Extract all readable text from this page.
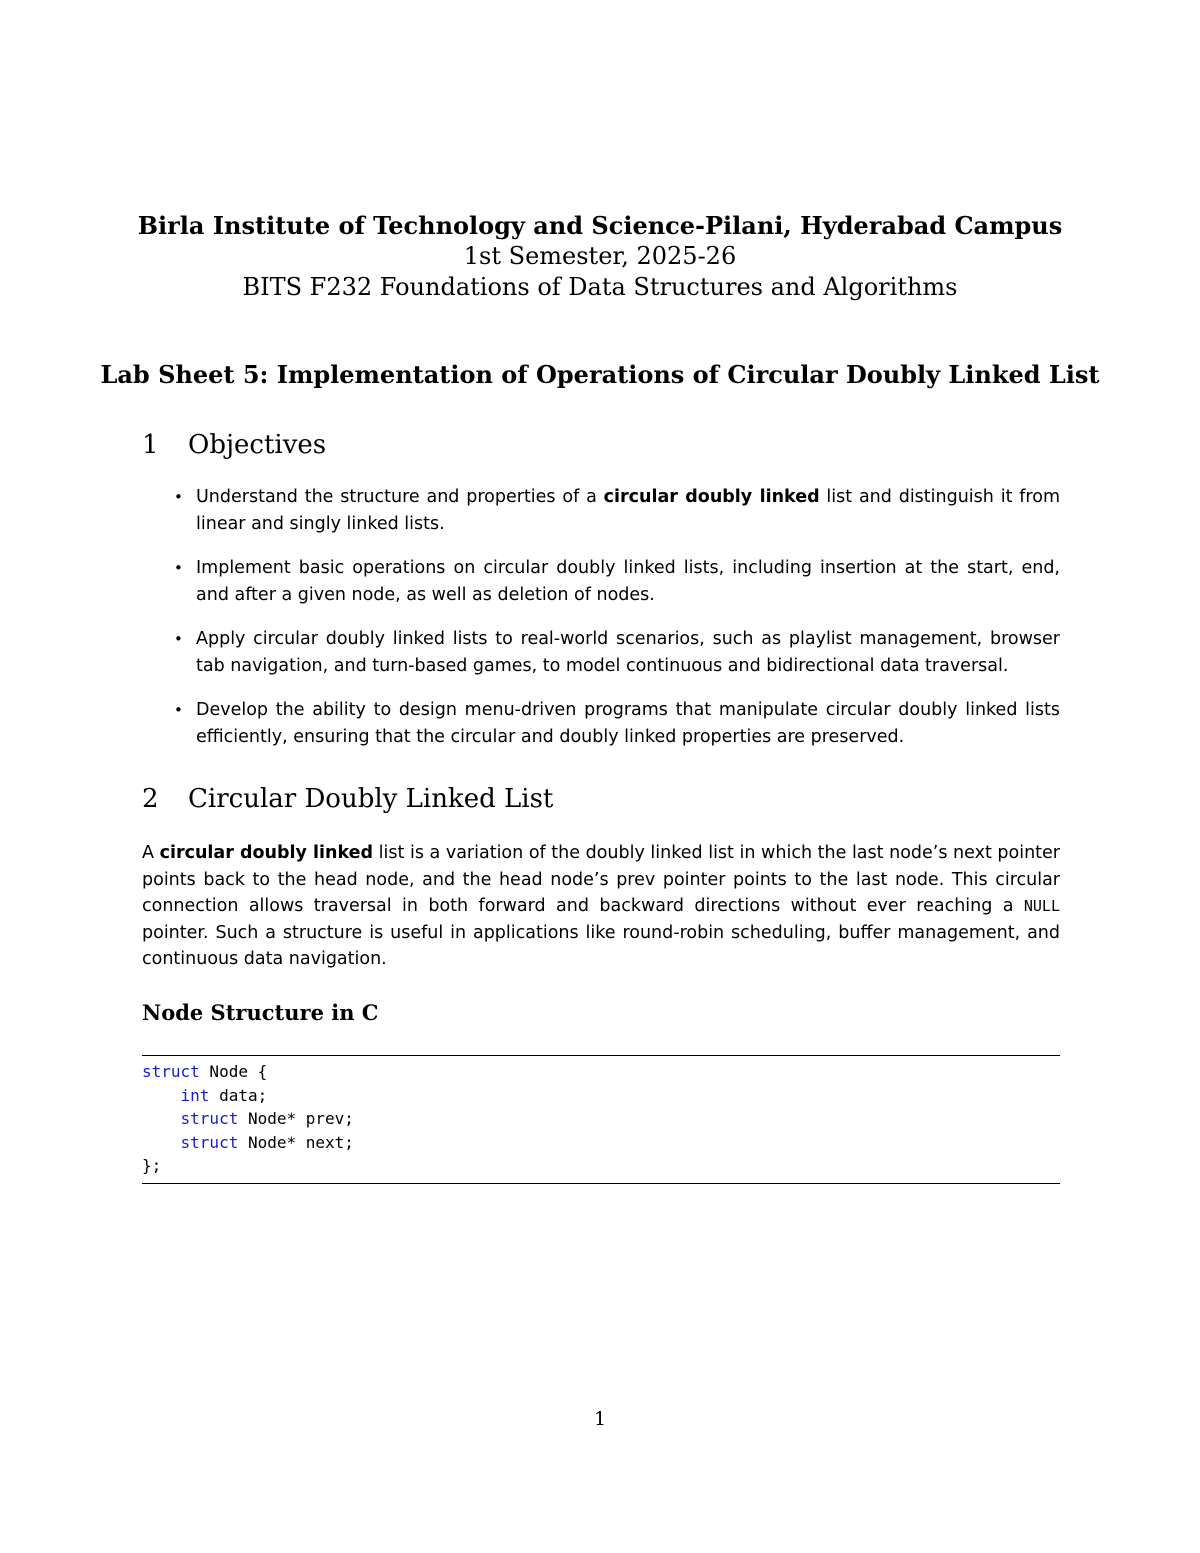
Birla Institute of Technology and Science-Pilani, Hyderabad Campus
1st Semester, 2025-26
BITS F232 Foundations of Data Structures and Algorithms
Lab Sheet 5: Implementation of Operations of Circular Doubly Linked List
1 Objectives
• Understand the structure and properties of a circular doubly linked list and distinguish it from linear and singly linked lists.
• Implement basic operations on circular doubly linked lists, including insertion at the start, end, and after a given node, as well as deletion of nodes.
• Apply circular doubly linked lists to real-world scenarios, such as playlist management, browser tab navigation, and turn-based games, to model continuous and bidirectional data traversal.
• Develop the ability to design menu-driven programs that manipulate circular doubly linked lists efficiently, ensuring that the circular and doubly linked properties are preserved.
2 Circular Doubly Linked List

A circular doubly linked list is a variation of the doubly linked list in which the last node’s next pointer points back to the head node, and the head node’s prev pointer points to the last node. This circular connection allows traversal in both forward and backward directions without ever reaching a NULL pointer. Such a structure is useful in applications like round-robin scheduling, buffer management, and continuous data navigation.

Node Structure in C
struct Node {
int data;
struct Node* prev;
struct Node* next;
};
1
